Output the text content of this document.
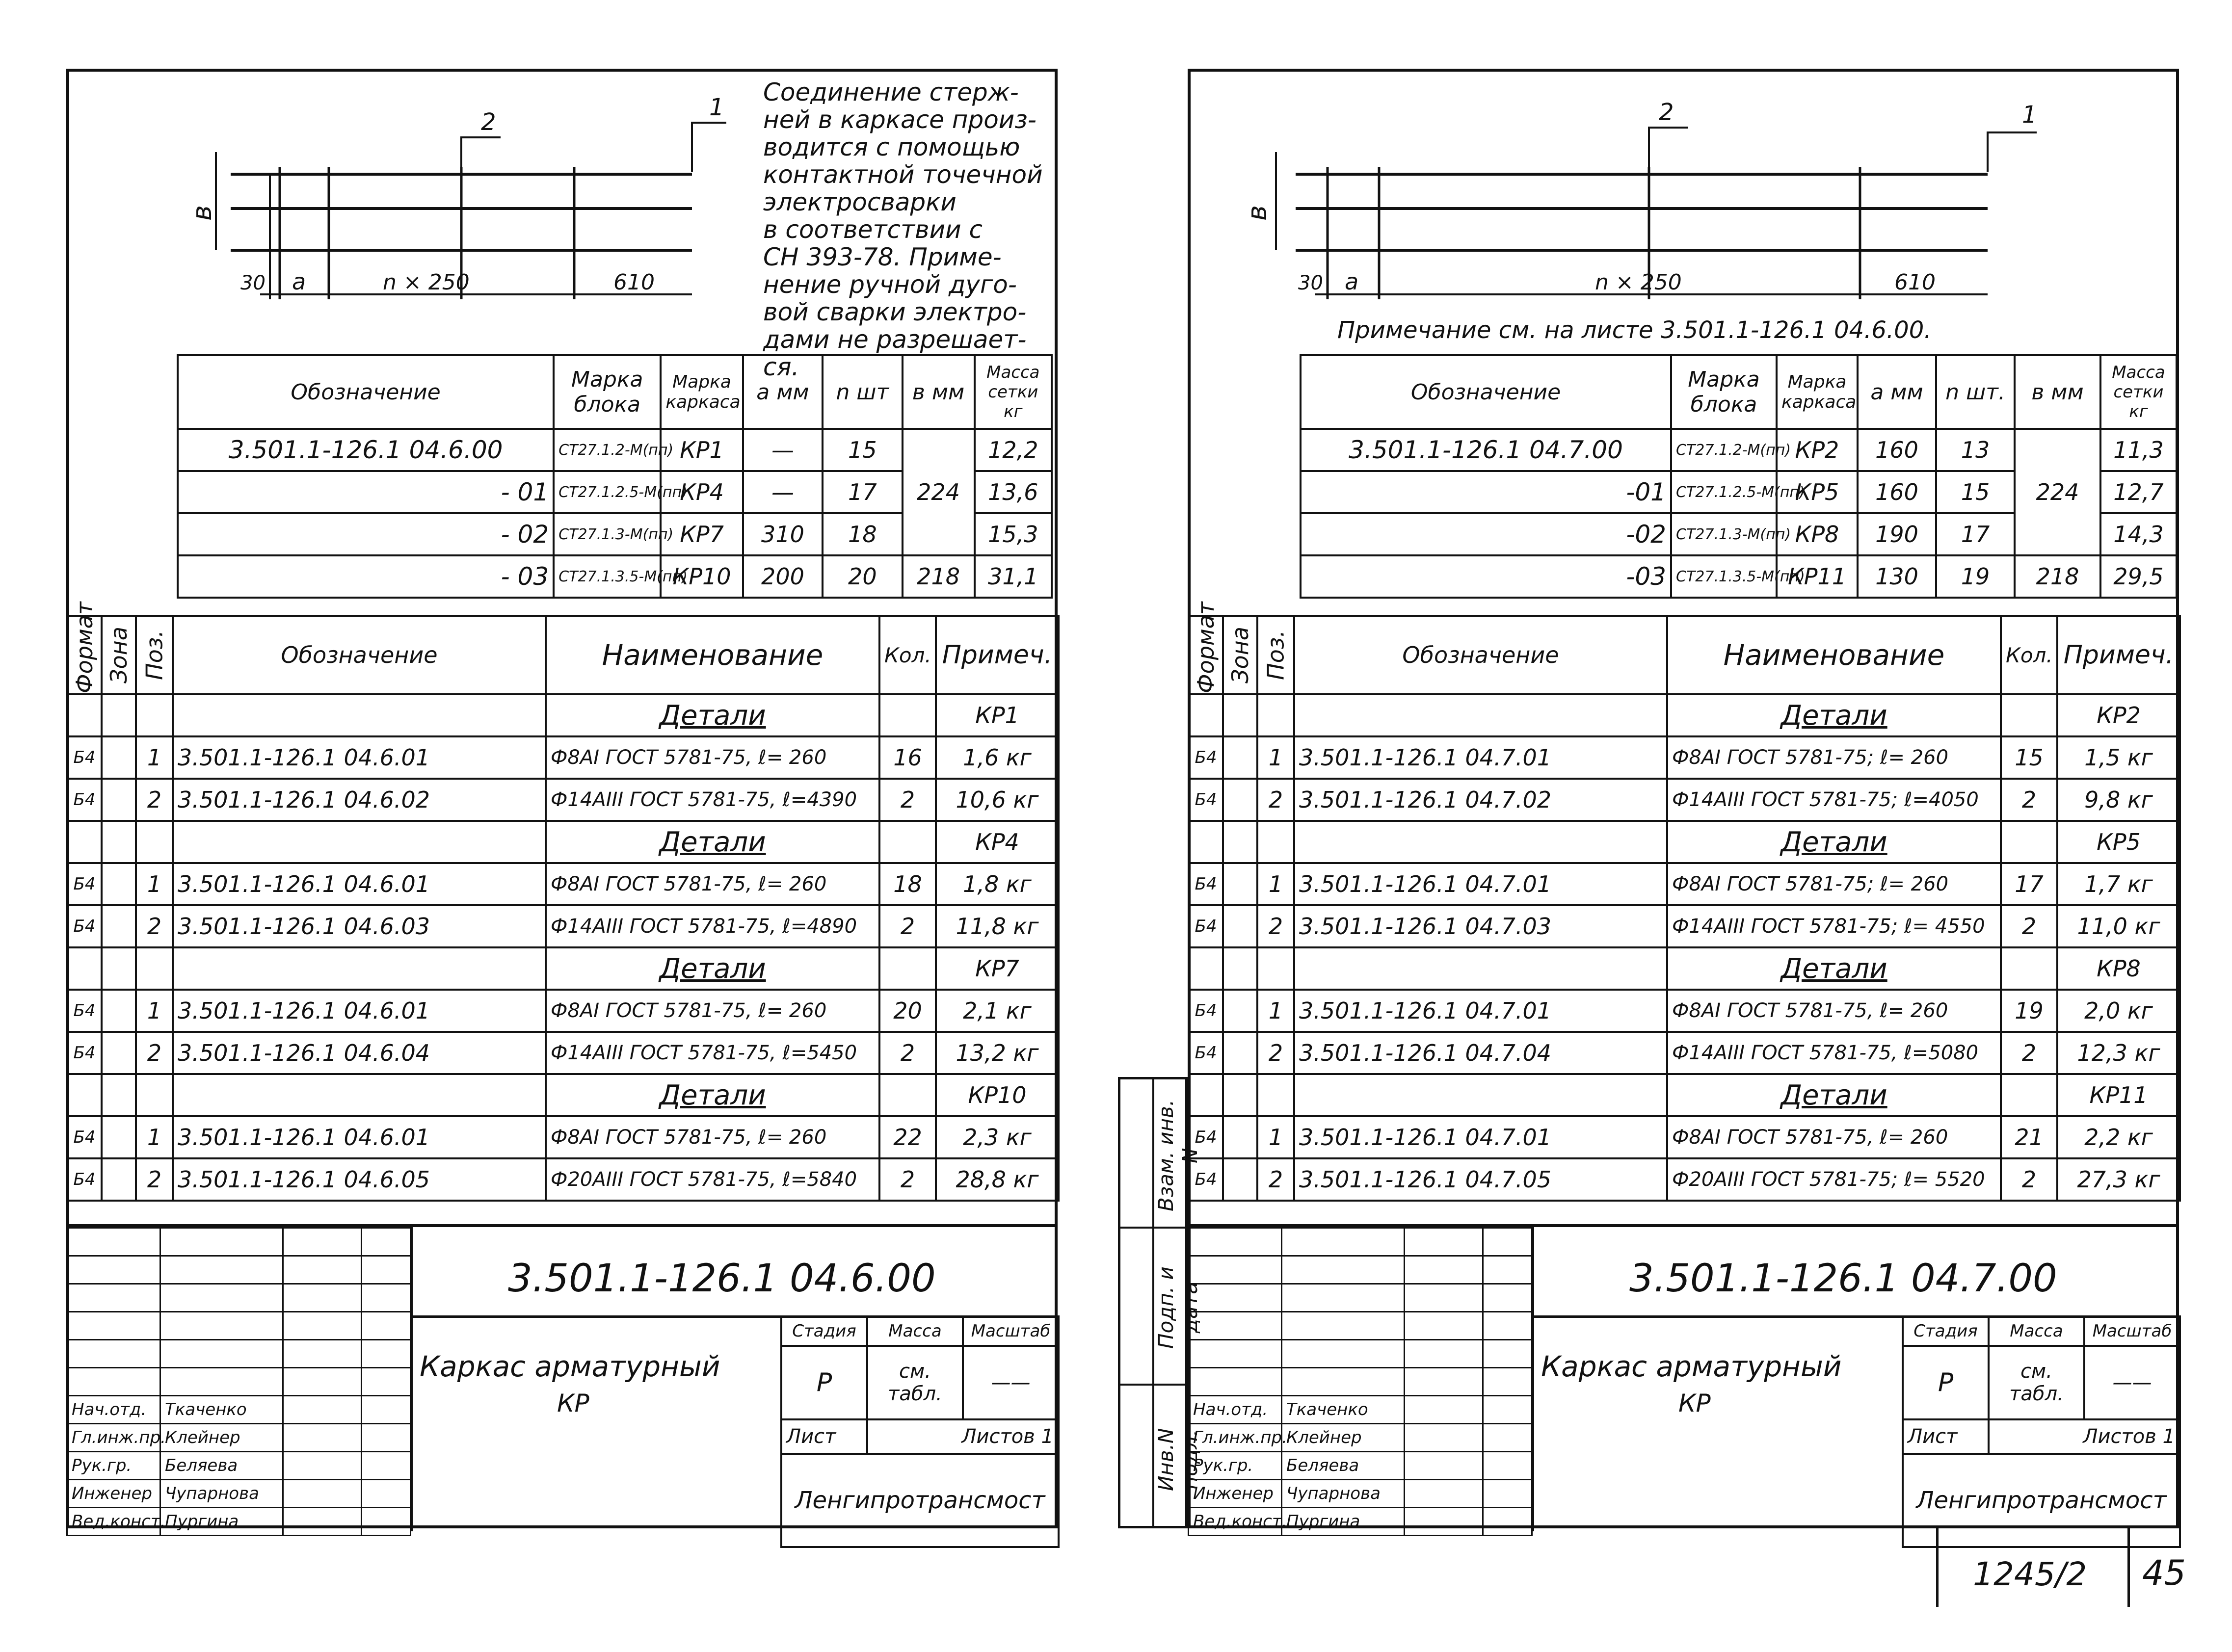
2
1
в
30 а	n × 250	610
Соединение стерж-
ней в каркасе произ-
водится с помощью
контактной точечной
электросварки
в соответствии с
СН 393-78. Приме-
нение ручной дуго-
вой сварки электро-
дами не разрешает-
ся.
Обозначение	Марка блока	Марка каркаса	а мм	n шт	в мм	Масса сетки кг
3.501.1-126.1 04.6.00	СТ27.1.2-М(пп)	КР1	—	15	224	12,2
- 01	СТ27.1.2.5-М(пп)	КР4	—	17		13,6
- 02	СТ27.1.3-М(пп)	КР7	310	18		15,3
- 03	СТ27.1.3.5-М(пп)	КР10	200	20	218	31,1
Формат	Зона	Поз.	Обозначение	Наименование	Кол.	Примеч.
				Детали		КР1
Б4		1	3.501.1-126.1 04.6.01	Ф8АI ГОСТ 5781-75, ℓ= 260	16	1,6 кг
Б4		2	3.501.1-126.1 04.6.02	Ф14АIII ГОСТ 5781-75, ℓ=4390	2	10,6 кг
				Детали		КР4
Б4		1	3.501.1-126.1 04.6.01	Ф8АI ГОСТ 5781-75, ℓ= 260	18	1,8 кг
Б4		2	3.501.1-126.1 04.6.03	Ф14АIII ГОСТ 5781-75, ℓ=4890	2	11,8 кг
				Детали		КР7
Б4		1	3.501.1-126.1 04.6.01	Ф8АI ГОСТ 5781-75, ℓ= 260	20	2,1 кг
Б4		2	3.501.1-126.1 04.6.04	Ф14АIII ГОСТ 5781-75, ℓ=5450	2	13,2 кг
				Детали		КР10
Б4		1	3.501.1-126.1 04.6.01	Ф8АI ГОСТ 5781-75, ℓ= 260	22	2,3 кг
Б4		2	3.501.1-126.1 04.6.05	Ф20АIII ГОСТ 5781-75, ℓ=5840	2	28,8 кг

Нач.отд.	Ткаченко		
Гл.инж.пр.	Клейнер		
Рук.гр.	Беляева		
Инженер	Чупарнова		
Вед.конст.	Пургина		
3.501.1-126.1 04.6.00
Каркас арматурный
КР
Стадия	Масса	Масштаб
Р	см. табл.	——
Лист	Листов 1	
Ленгипротрансмост		
Взам. инв. N
Подп. и дата
Инв.N подл.
2	1
в
30 а	n × 250	610
Примечание см. на листе 3.501.1-126.1 04.6.00.
Обозначение	Марка блока	Марка каркаса	а мм	n шт.	в мм	Масса сетки кг
3.501.1-126.1 04.7.00	СТ27.1.2-М(пп)	КР2	160	13	224	11,3
-01	СТ27.1.2.5-М(пп)	КР5	160	15		12,7
-02	СТ27.1.3-М(пп)	КР8	190	17		14,3
-03	СТ27.1.3.5-М(пп)	КР11	130	19	218	29,5
Формат	Зона	Поз.	Обозначение	Наименование	Кол.	Примеч.
				Детали		КР2
Б4		1	3.501.1-126.1 04.7.01	Ф8АI ГОСТ 5781-75; ℓ= 260	15	1,5 кг
Б4		2	3.501.1-126.1 04.7.02	Ф14АIII ГОСТ 5781-75; ℓ=4050	2	9,8 кг
				Детали		КР5
Б4		1	3.501.1-126.1 04.7.01	Ф8АI ГОСТ 5781-75; ℓ= 260	17	1,7 кг
Б4		2	3.501.1-126.1 04.7.03	Ф14АIII ГОСТ 5781-75; ℓ= 4550	2	11,0 кг
				Детали		КР8
Б4		1	3.501.1-126.1 04.7.01	Ф8АI ГОСТ 5781-75, ℓ= 260	19	2,0 кг
Б4		2	3.501.1-126.1 04.7.04	Ф14АIII ГОСТ 5781-75, ℓ=5080	2	12,3 кг
				Детали		КР11
Б4		1	3.501.1-126.1 04.7.01	Ф8АI ГОСТ 5781-75, ℓ= 260	21	2,2 кг
Б4		2	3.501.1-126.1 04.7.05	Ф20АIII ГОСТ 5781-75; ℓ= 5520	2	27,3 кг

Нач.отд.	Ткаченко		
Гл.инж.пр.	Клейнер		
Рук.гр.	Беляева		
Инженер	Чупарнова		
Вед.конст.	Пургина		
3.501.1-126.1 04.7.00
Каркас арматурный
КР
Стадия	Масса	Масштаб
Р	см. табл.	——
Лист	Листов 1	
Ленгипротрансмост		
1245/2 45
